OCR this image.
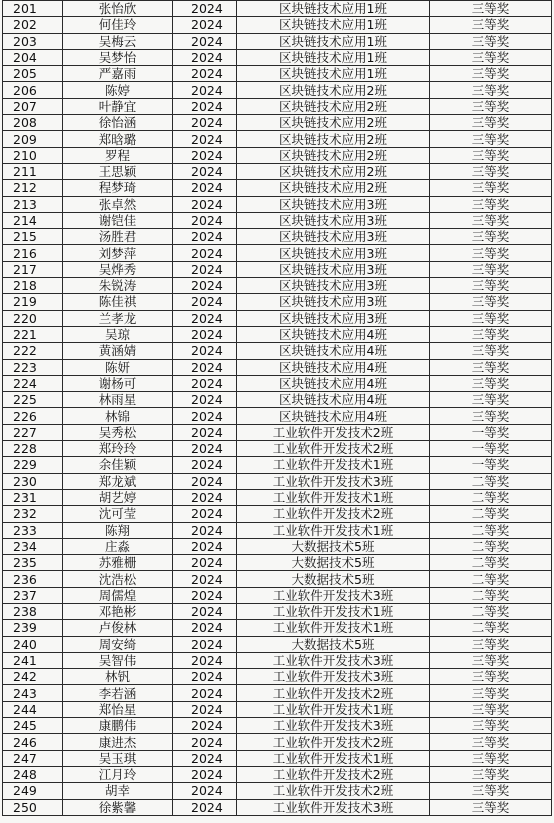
201	张怡欣	2024	区块链技术应用1班	三等奖
202	何佳玲	2024	区块链技术应用1班	三等奖
203	吴梅云	2024	区块链技术应用1班	三等奖
204	吴梦怡	2024	区块链技术应用1班	三等奖
205	严嘉雨	2024	区块链技术应用1班	三等奖
206	陈婷	2024	区块链技术应用2班	三等奖
207	叶静宜	2024	区块链技术应用2班	三等奖
208	徐怡涵	2024	区块链技术应用2班	三等奖
209	郑晗璐	2024	区块链技术应用2班	三等奖
210	罗程	2024	区块链技术应用2班	三等奖
211	王思颖	2024	区块链技术应用2班	三等奖
212	程梦琦	2024	区块链技术应用2班	三等奖
213	张卓然	2024	区块链技术应用3班	三等奖
214	谢铠佳	2024	区块链技术应用3班	三等奖
215	汤胜君	2024	区块链技术应用3班	三等奖
216	刘梦萍	2024	区块链技术应用3班	三等奖
217	吴烨秀	2024	区块链技术应用3班	三等奖
218	朱锐涛	2024	区块链技术应用3班	三等奖
219	陈佳祺	2024	区块链技术应用3班	三等奖
220	兰孝龙	2024	区块链技术应用3班	三等奖
221	吴琼	2024	区块链技术应用4班	三等奖
222	黄涵婧	2024	区块链技术应用4班	三等奖
223	陈妍	2024	区块链技术应用4班	三等奖
224	谢杨可	2024	区块链技术应用4班	三等奖
225	林雨星	2024	区块链技术应用4班	三等奖
226	林锦	2024	区块链技术应用4班	三等奖
227	吴秀松	2024	工业软件开发技术2班	一等奖
228	郑玲玲	2024	工业软件开发技术2班	一等奖
229	余佳颖	2024	工业软件开发技术1班	一等奖
230	郑龙斌	2024	工业软件开发技术3班	二等奖
231	胡艺婷	2024	工业软件开发技术1班	二等奖
232	沈可莹	2024	工业软件开发技术2班	二等奖
233	陈翔	2024	工业软件开发技术1班	二等奖
234	庄淼	2024	大数据技术5班	二等奖
235	苏雅栅	2024	大数据技术5班	二等奖
236	沈浩松	2024	大数据技术5班	二等奖
237	周儒煌	2024	工业软件开发技术3班	二等奖
238	邓艳彬	2024	工业软件开发技术1班	二等奖
239	卢俊林	2024	工业软件开发技术1班	二等奖
240	周安绮	2024	大数据技术5班	三等奖
241	吴智伟	2024	工业软件开发技术3班	三等奖
242	林钒	2024	工业软件开发技术3班	三等奖
243	李若涵	2024	工业软件开发技术2班	三等奖
244	郑怡星	2024	工业软件开发技术1班	三等奖
245	康鹏伟	2024	工业软件开发技术3班	三等奖
246	康进杰	2024	工业软件开发技术2班	三等奖
247	吴玉琪	2024	工业软件开发技术1班	三等奖
248	江月玲	2024	工业软件开发技术2班	三等奖
249	胡幸	2024	工业软件开发技术2班	三等奖
250	徐紫馨	2024	工业软件开发技术3班	三等奖
